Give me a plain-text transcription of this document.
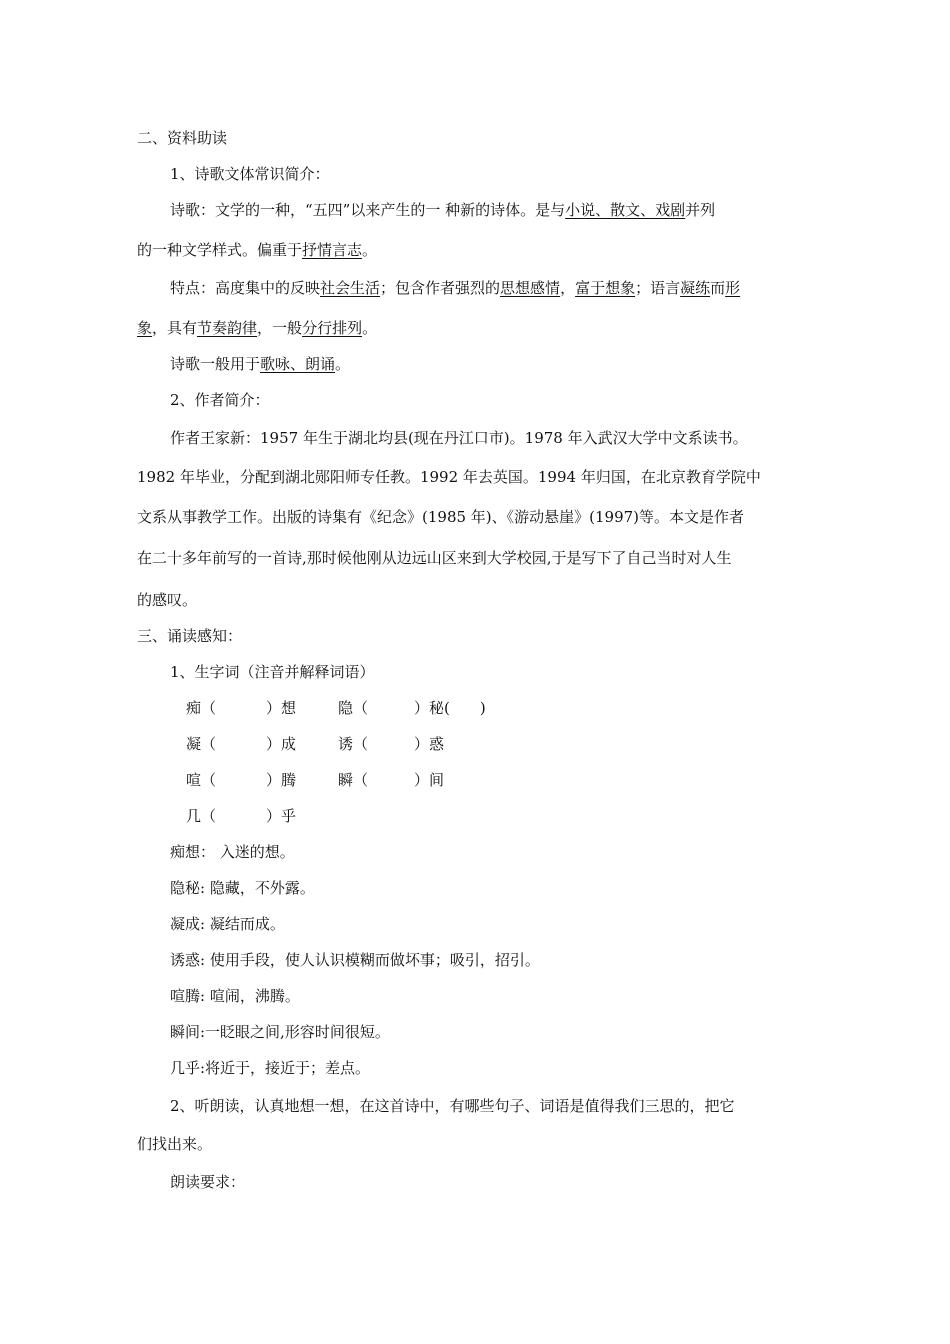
二、资料助读
1、诗歌文体常识简介：
诗歌：文学的一种，“五四”以来产生的一 种新的诗体。是与小说、散文、戏剧并列
的一种文学样式。偏重于抒情言志。
特点：高度集中的反映社会生活；包含作者强烈的思想感情，富于想象；语言凝练而形
象，具有节奏韵律，一般分行排列。
诗歌一般用于歌咏、朗诵。
2、作者简介：
作者王家新：1957 年生于湖北均县(现在丹江口市)。1978 年入武汉大学中文系读书。
1982 年毕业，分配到湖北郧阳师专任教。1992 年去英国。1994 年归国，在北京教育学院中
文系从事教学工作。出版的诗集有《纪念》(1985 年)、《游动悬崖》(1997)等。本文是作者
在二十多年前写的一首诗,那时候他刚从边远山区来到大学校园,于是写下了自己当时对人生
的感叹。
三、诵读感知：
1、生字词（注音并解释词语）
痴（	）想	隐（	）秘( )
凝（	）成	诱（	）惑
喧（	）腾	瞬（	）间
几（	）乎
痴想： 入迷的想。
隐秘: 隐藏，不外露。
凝成: 凝结而成。
诱惑: 使用手段，使人认识模糊而做坏事；吸引，招引。
喧腾: 喧闹，沸腾。
瞬间:一眨眼之间,形容时间很短。
几乎:将近于，接近于；差点。
2、听朗读，认真地想一想，在这首诗中，有哪些句子、词语是值得我们三思的，把它
们找出来。
朗读要求：
